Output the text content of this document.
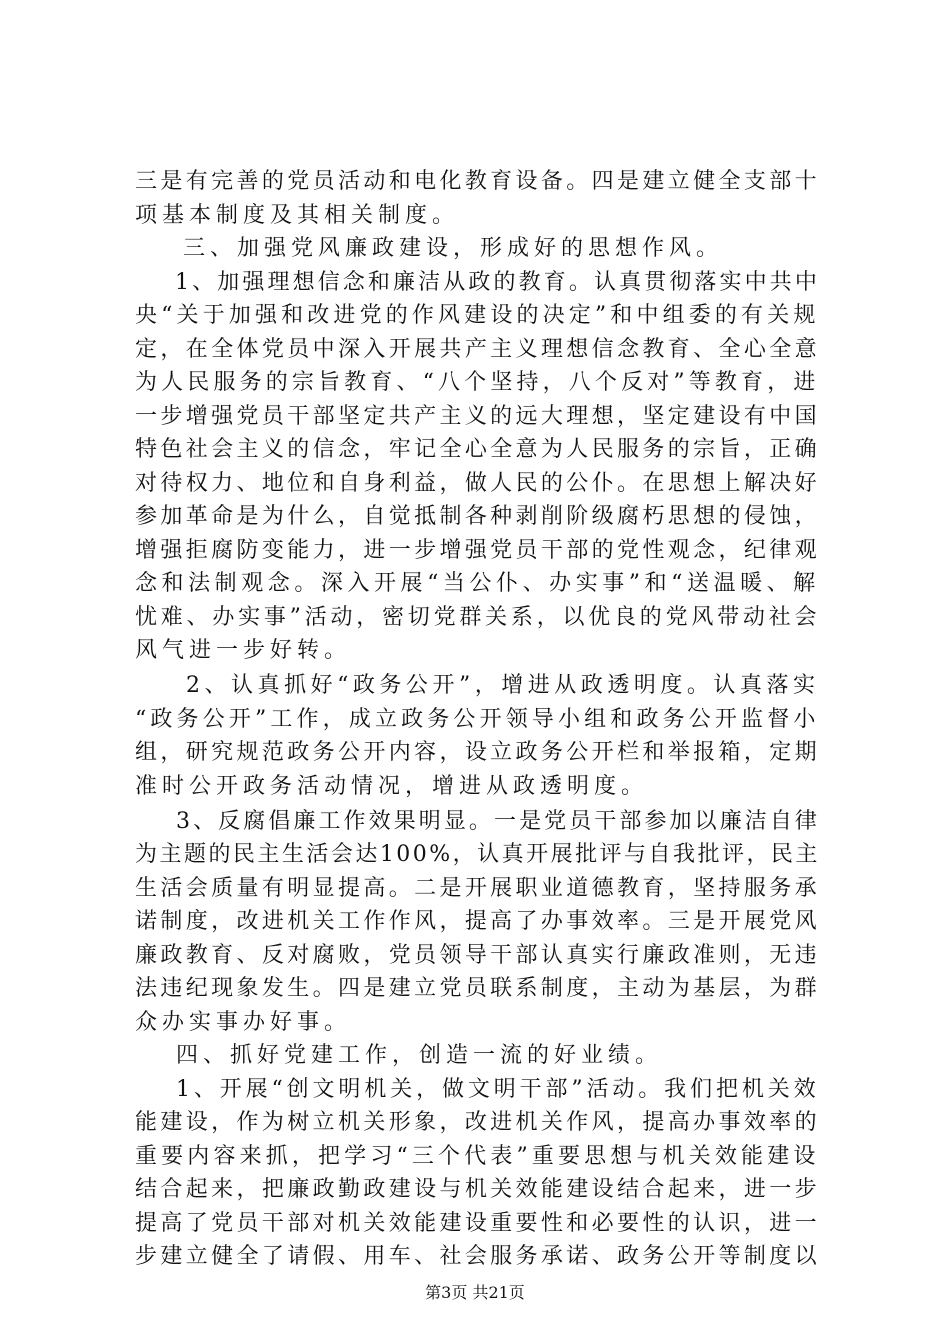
三是有完善的党员活动和电化教育设备。四是建立健全支部十
项基本制度及其相关制度。
三、加强党风廉政建设，形成好的思想作风。
1、加强理想信念和廉洁从政的教育。认真贯彻落实中共中
央“关于加强和改进党的作风建设的决定”和中组委的有关规
定，在全体党员中深入开展共产主义理想信念教育、全心全意
为人民服务的宗旨教育、“八个坚持，八个反对”等教育，进
一步增强党员干部坚定共产主义的远大理想，坚定建设有中国
特色社会主义的信念，牢记全心全意为人民服务的宗旨，正确
对待权力、地位和自身利益，做人民的公仆。在思想上解决好
参加革命是为什么，自觉抵制各种剥削阶级腐朽思想的侵蚀，
增强拒腐防变能力，进一步增强党员干部的党性观念，纪律观
念和法制观念。深入开展“当公仆、办实事”和“送温暖、解
忧难、办实事”活动，密切党群关系，以优良的党风带动社会
风气进一步好转。
2、认真抓好“政务公开”，增进从政透明度。认真落实
“政务公开”工作，成立政务公开领导小组和政务公开监督小
组，研究规范政务公开内容，设立政务公开栏和举报箱，定期
准时公开政务活动情况，增进从政透明度。
3、反腐倡廉工作效果明显。一是党员干部参加以廉洁自律
为主题的民主生活会达100%，认真开展批评与自我批评，民主
生活会质量有明显提高。二是开展职业道德教育，坚持服务承
诺制度，改进机关工作作风，提高了办事效率。三是开展党风
廉政教育、反对腐败，党员领导干部认真实行廉政准则，无违
法违纪现象发生。四是建立党员联系制度，主动为基层，为群
众办实事办好事。
四、抓好党建工作，创造一流的好业绩。
1、开展“创文明机关，做文明干部”活动。我们把机关效
能建设，作为树立机关形象，改进机关作风，提高办事效率的
重要内容来抓，把学习“三个代表”重要思想与机关效能建设
结合起来，把廉政勤政建设与机关效能建设结合起来，进一步
提高了党员干部对机关效能建设重要性和必要性的认识，进一
步建立健全了请假、用车、社会服务承诺、政务公开等制度以
第3页 共21页
